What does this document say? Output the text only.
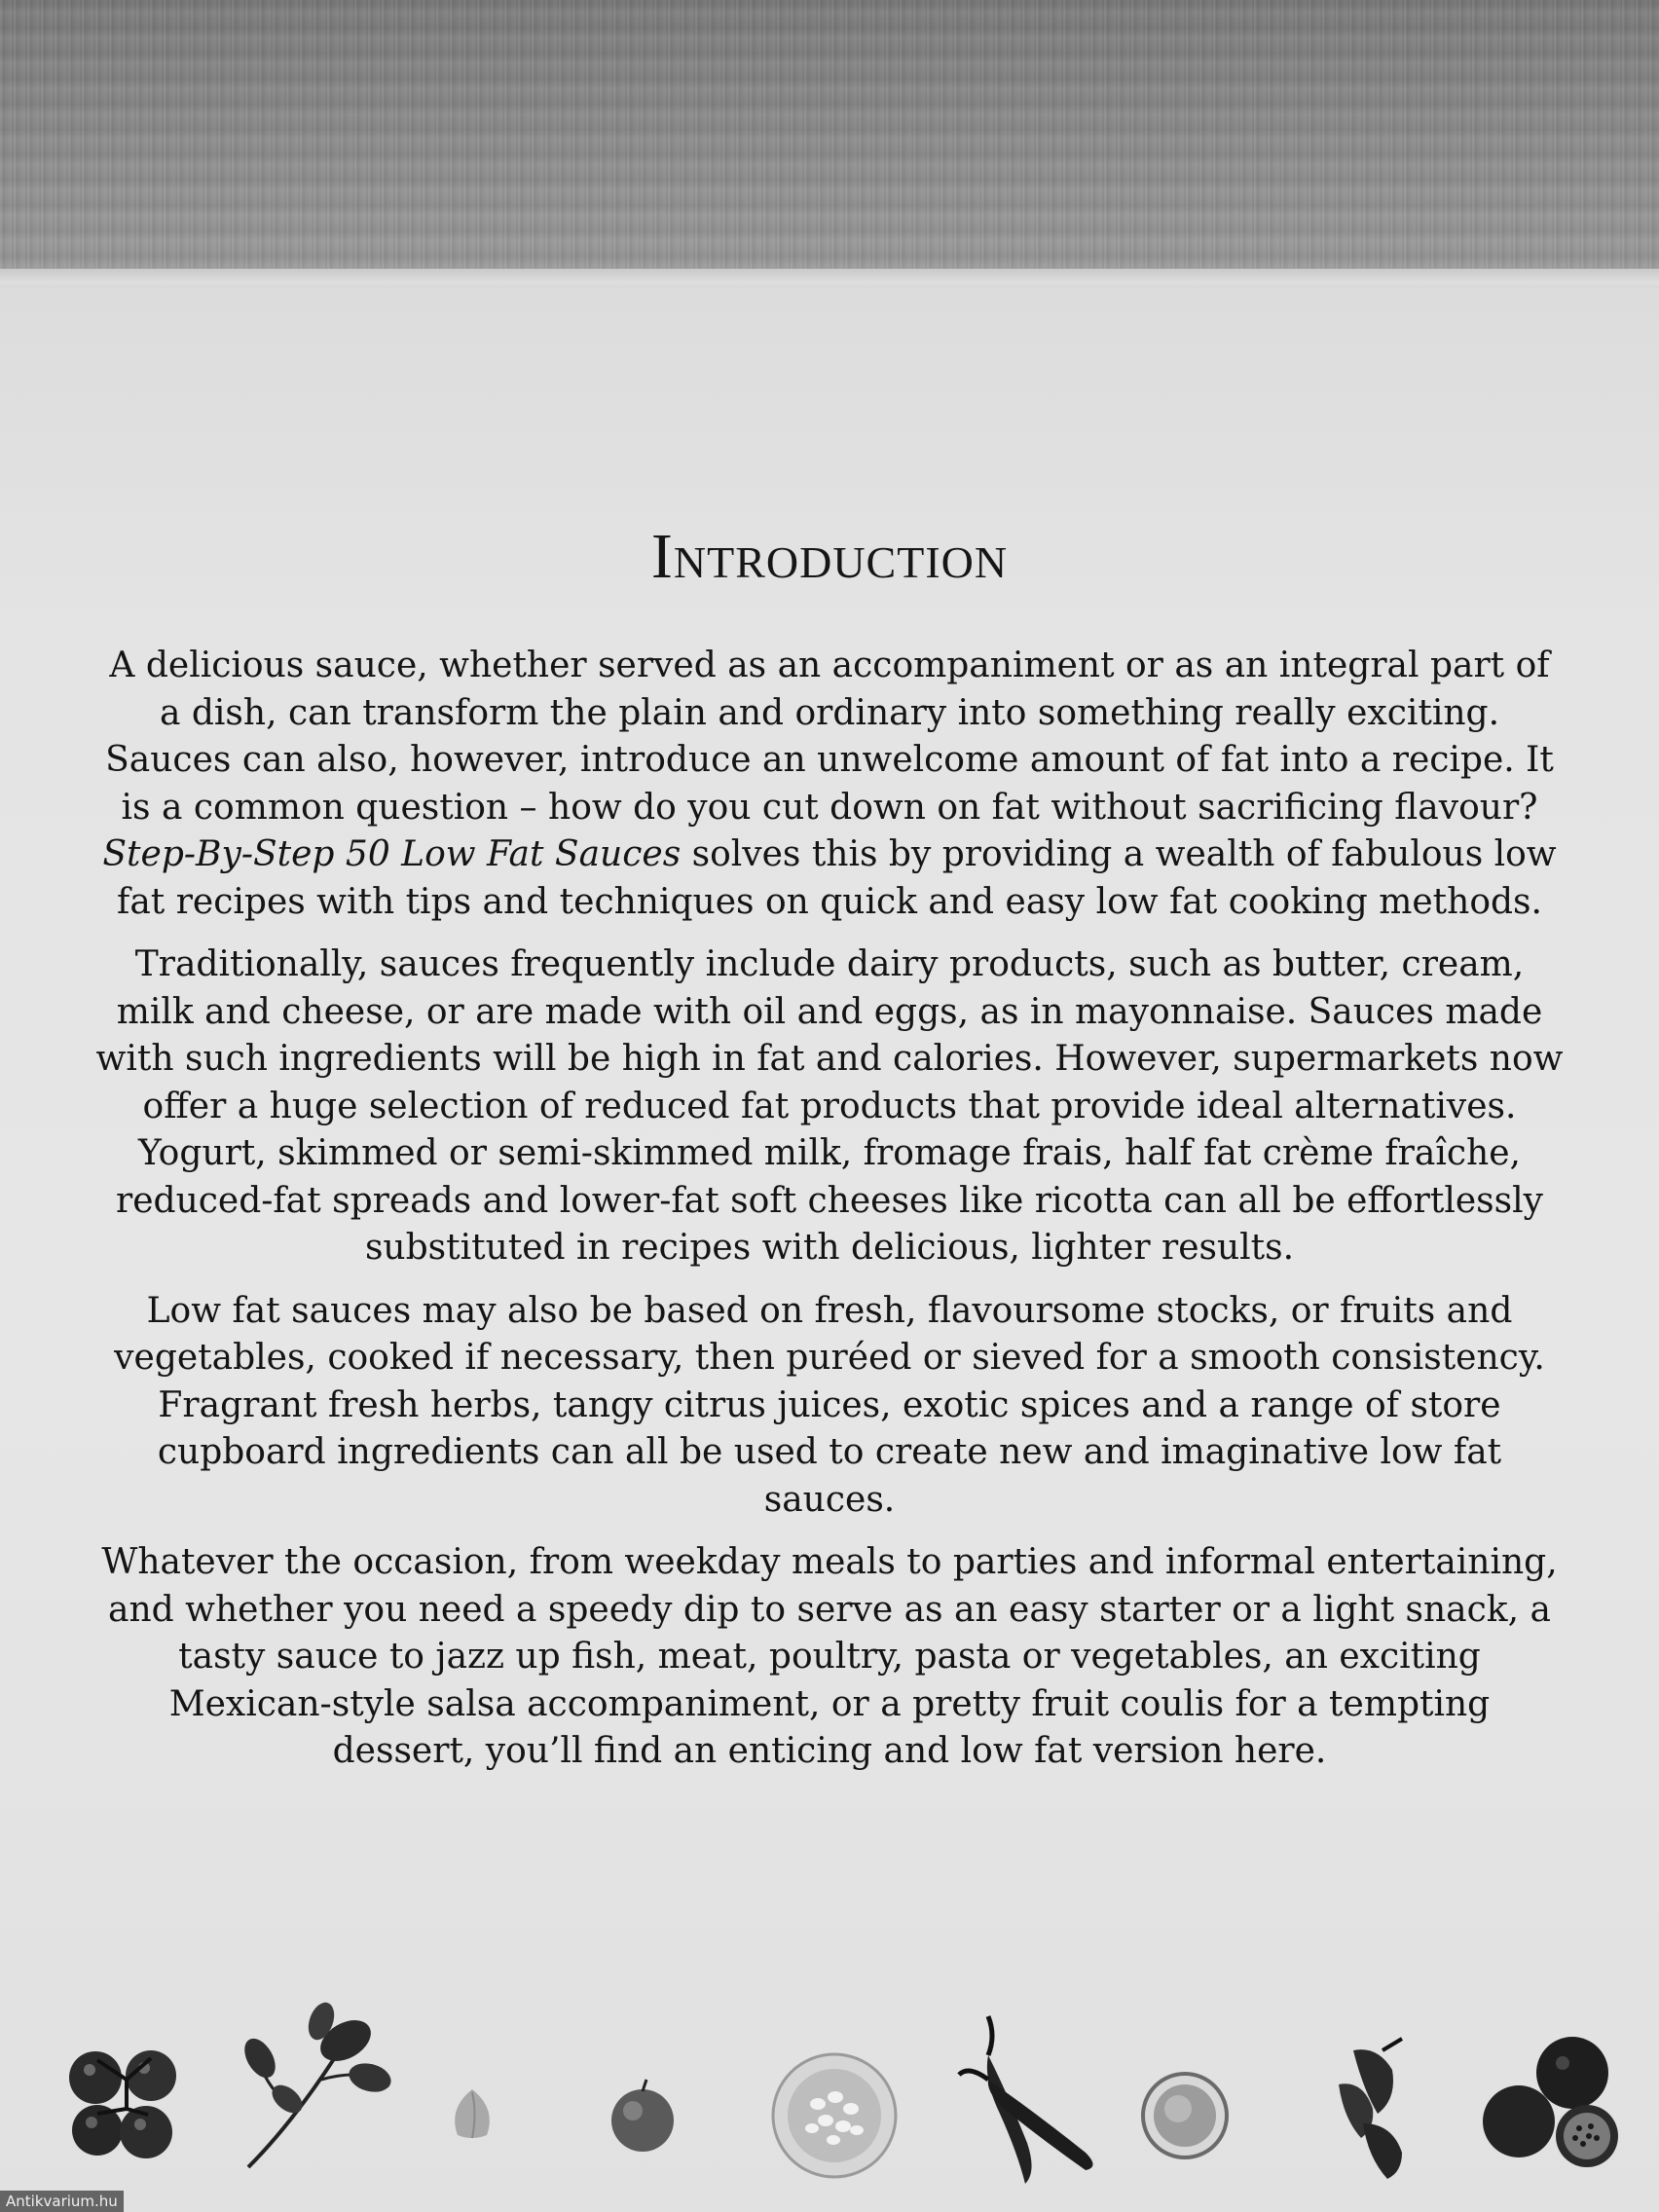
Introduction

A delicious sauce, whether served as an accompaniment or as an integral part of a dish, can transform the plain and ordinary into something really exciting. Sauces can also, however, introduce an unwelcome amount of fat into a recipe. It is a common question – how do you cut down on fat without sacrificing flavour? Step-By-Step 50 Low Fat Sauces solves this by providing a wealth of fabulous low fat recipes with tips and techniques on quick and easy low fat cooking methods.

Traditionally, sauces frequently include dairy products, such as butter, cream, milk and cheese, or are made with oil and eggs, as in mayonnaise. Sauces made with such ingredients will be high in fat and calories. However, supermarkets now offer a huge selection of reduced fat products that provide ideal alternatives. Yogurt, skimmed or semi-skimmed milk, fromage frais, half fat crème fraîche, reduced-fat spreads and lower-fat soft cheeses like ricotta can all be effortlessly substituted in recipes with delicious, lighter results.

Low fat sauces may also be based on fresh, flavoursome stocks, or fruits and vegetables, cooked if necessary, then puréed or sieved for a smooth consistency. Fragrant fresh herbs, tangy citrus juices, exotic spices and a range of store cupboard ingredients can all be used to create new and imaginative low fat sauces.

Whatever the occasion, from weekday meals to parties and informal entertaining, and whether you need a speedy dip to serve as an easy starter or a light snack, a tasty sauce to jazz up fish, meat, poultry, pasta or vegetables, an exciting Mexican-style salsa accompaniment, or a pretty fruit coulis for a tempting dessert, you’ll find an enticing and low fat version here.

Antikvarium.hu
